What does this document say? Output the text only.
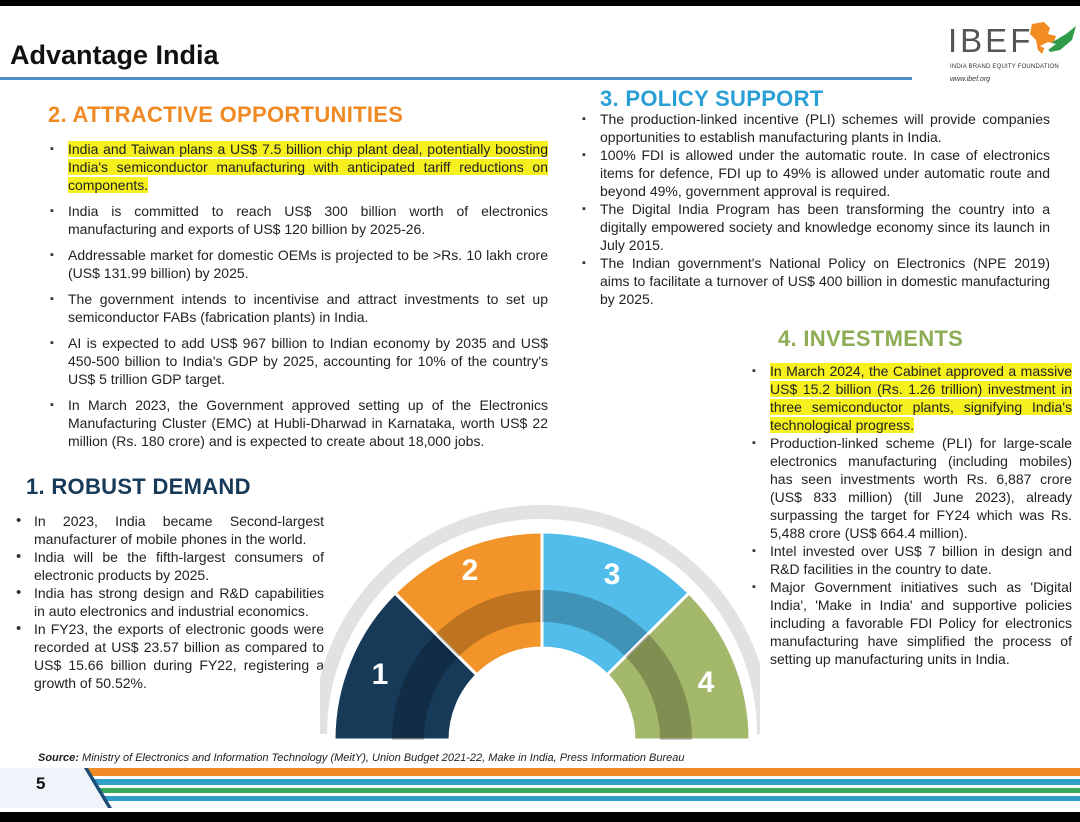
Advantage India	IBEF
INDIA BRAND EQUITY FOUNDATION
www.ibef.org
2. ATTRACTIVE OPPORTUNITIES
▪ India and Taiwan plans a US$ 7.5 billion chip plant deal, potentially boosting India's semiconductor manufacturing with anticipated tariff reductions on components.
▪ India is committed to reach US$ 300 billion worth of electronics manufacturing and exports of US$ 120 billion by 2025-26.
▪ Addressable market for domestic OEMs is projected to be >Rs. 10 lakh crore (US$ 131.99 billion) by 2025.
▪ The government intends to incentivise and attract investments to set up semiconductor FABs (fabrication plants) in India.
▪ AI is expected to add US$ 967 billion to Indian economy by 2035 and US$ 450-500 billion to India's GDP by 2025, accounting for 10% of the country's US$ 5 trillion GDP target.
▪ In March 2023, the Government approved setting up of the Electronics Manufacturing Cluster (EMC) at Hubli-Dharwad in Karnataka, worth US$ 22 million (Rs. 180 crore) and is expected to create about 18,000 jobs.
3. POLICY SUPPORT
▪ The production-linked incentive (PLI) schemes will provide companies opportunities to establish manufacturing plants in India.
▪ 100% FDI is allowed under the automatic route. In case of electronics items for defence, FDI up to 49% is allowed under automatic route and beyond 49%, government approval is required.
▪ The Digital India Program has been transforming the country into a digitally empowered society and knowledge economy since its launch in July 2015.
▪ The Indian government's National Policy on Electronics (NPE 2019) aims to facilitate a turnover of US$ 400 billion in domestic manufacturing by 2025.
4. INVESTMENTS
▪ In March 2024, the Cabinet approved a massive US$ 15.2 billion (Rs. 1.26 trillion) investment in three semiconductor plants, signifying India's technological progress.
▪ Production-linked scheme (PLI) for large-scale electronics manufacturing (including mobiles) has seen investments worth Rs. 6,887 crore (US$ 833 million) (till June 2023), already surpassing the target for FY24 which was Rs. 5,488 crore (US$ 664.4 million).
▪ Intel invested over US$ 7 billion in design and R&D facilities in the country to date.
▪ Major Government initiatives such as 'Digital India', 'Make in India' and supportive policies including a favorable FDI Policy for electronics manufacturing have simplified the process of setting up manufacturing units in India.
1. ROBUST DEMAND
• In 2023, India became Second-largest manufacturer of mobile phones in the world.
• India will be the fifth-largest consumers of electronic products by 2025.
• India has strong design and R&D capabilities in auto electronics and industrial economics.
• In FY23, the exports of electronic goods were recorded at US$ 23.57 billion as compared to US$ 15.66 billion during FY22, registering a growth of 50.52%.	1
2	3
4
Source: Ministry of Electronics and Information Technology (MeitY), Union Budget 2021-22, Make in India, Press Information Bureau
5
